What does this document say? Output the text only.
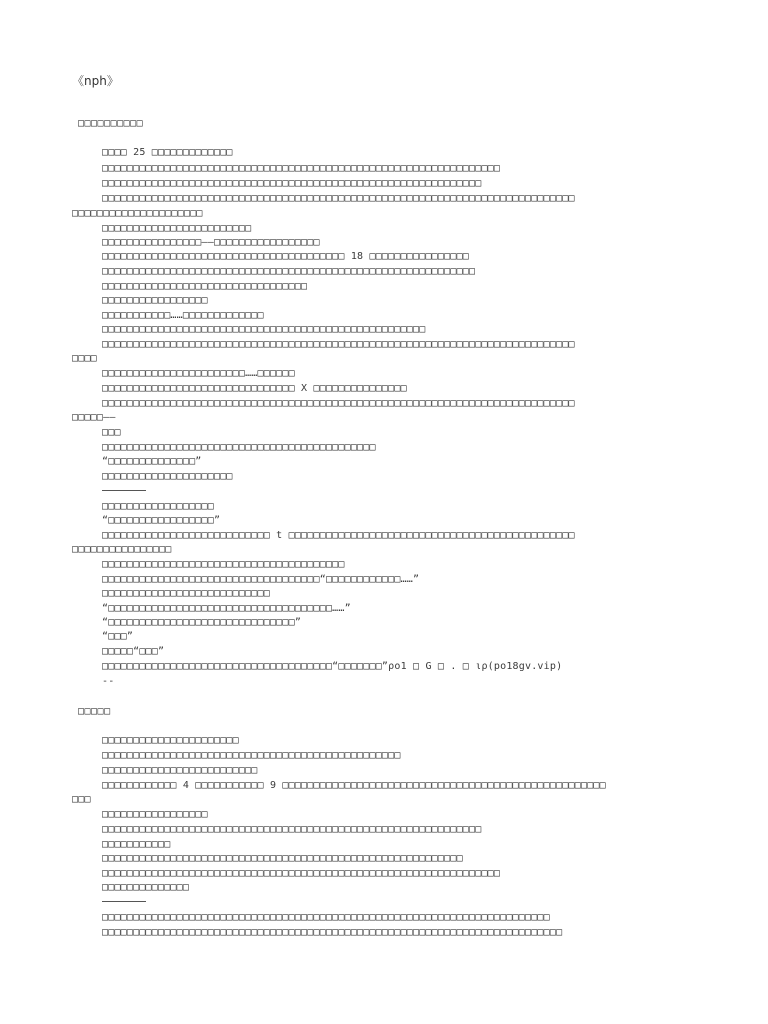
《nph》
□□□□□□□□□□
□□□□ 25 □□□□□□□□□□□□□
□□□□□□□□□□□□□□□□□□□□□□□□□□□□□□□□□□□□□□□□□□□□□□□□□□□□□□□□□□□□□□□□
□□□□□□□□□□□□□□□□□□□□□□□□□□□□□□□□□□□□□□□□□□□□□□□□□□□□□□□□□□□□□
□□□□□□□□□□□□□□□□□□□□□□□□□□□□□□□□□□□□□□□□□□□□□□□□□□□□□□□□□□□□□□□□□□□□□□□□□□□□
□□□□□□□□□□□□□□□□□□□□□
□□□□□□□□□□□□□□□□□□□□□□□□
□□□□□□□□□□□□□□□□——□□□□□□□□□□□□□□□□□
□□□□□□□□□□□□□□□□□□□□□□□□□□□□□□□□□□□□□□□ 18 □□□□□□□□□□□□□□□□
□□□□□□□□□□□□□□□□□□□□□□□□□□□□□□□□□□□□□□□□□□□□□□□□□□□□□□□□□□□□
□□□□□□□□□□□□□□□□□□□□□□□□□□□□□□□□□
□□□□□□□□□□□□□□□□□
□□□□□□□□□□□……□□□□□□□□□□□□□
□□□□□□□□□□□□□□□□□□□□□□□□□□□□□□□□□□□□□□□□□□□□□□□□□□□□
□□□□□□□□□□□□□□□□□□□□□□□□□□□□□□□□□□□□□□□□□□□□□□□□□□□□□□□□□□□□□□□□□□□□□□□□□□□□
□□□□
□□□□□□□□□□□□□□□□□□□□□□□……□□□□□□
□□□□□□□□□□□□□□□□□□□□□□□□□□□□□□□ X □□□□□□□□□□□□□□□
□□□□□□□□□□□□□□□□□□□□□□□□□□□□□□□□□□□□□□□□□□□□□□□□□□□□□□□□□□□□□□□□□□□□□□□□□□□□
□□□□□——
□□□
□□□□□□□□□□□□□□□□□□□□□□□□□□□□□□□□□□□□□□□□□□□□
“□□□□□□□□□□□□□□”
□□□□□□□□□□□□□□□□□□□□□
□□□□□□□□□□□□□□□□□□
“□□□□□□□□□□□□□□□□□”
□□□□□□□□□□□□□□□□□□□□□□□□□□□ t □□□□□□□□□□□□□□□□□□□□□□□□□□□□□□□□□□□□□□□□□□□□□□
□□□□□□□□□□□□□□□□
□□□□□□□□□□□□□□□□□□□□□□□□□□□□□□□□□□□□□□□
□□□□□□□□□□□□□□□□□□□□□□□□□□□□□□□□□□□“□□□□□□□□□□□□……”
□□□□□□□□□□□□□□□□□□□□□□□□□□□
“□□□□□□□□□□□□□□□□□□□□□□□□□□□□□□□□□□□□……”
“□□□□□□□□□□□□□□□□□□□□□□□□□□□□□□”
“□□□”
□□□□□“□□□”
□□□□□□□□□□□□□□□□□□□□□□□□□□□□□□□□□□□□□“□□□□□□□”ρo1 □ G □ . □ ιρ(po18gv.vip)
--
□□□□□
□□□□□□□□□□□□□□□□□□□□□□
□□□□□□□□□□□□□□□□□□□□□□□□□□□□□□□□□□□□□□□□□□□□□□□□
□□□□□□□□□□□□□□□□□□□□□□□□□
□□□□□□□□□□□□ 4 □□□□□□□□□□□ 9 □□□□□□□□□□□□□□□□□□□□□□□□□□□□□□□□□□□□□□□□□□□□□□□□□□□□
□□□
□□□□□□□□□□□□□□□□□
□□□□□□□□□□□□□□□□□□□□□□□□□□□□□□□□□□□□□□□□□□□□□□□□□□□□□□□□□□□□□
□□□□□□□□□□□
□□□□□□□□□□□□□□□□□□□□□□□□□□□□□□□□□□□□□□□□□□□□□□□□□□□□□□□□□□
□□□□□□□□□□□□□□□□□□□□□□□□□□□□□□□□□□□□□□□□□□□□□□□□□□□□□□□□□□□□□□□□
□□□□□□□□□□□□□□
□□□□□□□□□□□□□□□□□□□□□□□□□□□□□□□□□□□□□□□□□□□□□□□□□□□□□□□□□□□□□□□□□□□□□□□□
□□□□□□□□□□□□□□□□□□□□□□□□□□□□□□□□□□□□□□□□□□□□□□□□□□□□□□□□□□□□□□□□□□□□□□□□□□
